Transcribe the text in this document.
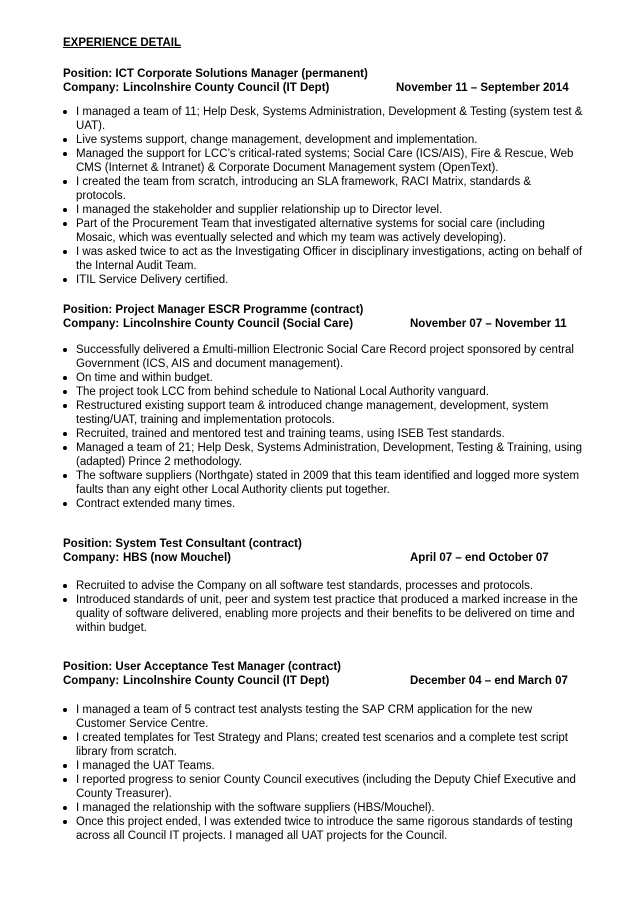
EXPERIENCE DETAIL
Position: ICT Corporate Solutions Manager (permanent)
Company: Lincolnshire County Council (IT Dept)	November 11 – September 2014
I managed a team of 11; Help Desk, Systems Administration, Development & Testing (system test & UAT).
Live systems support, change management, development and implementation.
Managed the support for LCC’s critical-rated systems; Social Care (ICS/AIS), Fire & Rescue, Web CMS (Internet & Intranet) & Corporate Document Management system (OpenText).
I created the team from scratch, introducing an SLA framework, RACI Matrix, standards & protocols.
I managed the stakeholder and supplier relationship up to Director level.
Part of the Procurement Team that investigated alternative systems for social care (including Mosaic, which was eventually selected and which my team was actively developing).
I was asked twice to act as the Investigating Officer in disciplinary investigations, acting on behalf of the Internal Audit Team.
ITIL Service Delivery certified.
Position: Project Manager ESCR Programme (contract)
Company: Lincolnshire County Council (Social Care)	November 07 – November 11
Successfully delivered a £multi-million Electronic Social Care Record project sponsored by central Government (ICS, AIS and document management).
On time and within budget.
The project took LCC from behind schedule to National Local Authority vanguard.
Restructured existing support team & introduced change management, development, system testing/UAT, training and implementation protocols.
Recruited, trained and mentored test and training teams, using ISEB Test standards.
Managed a team of 21; Help Desk, Systems Administration, Development, Testing & Training, using (adapted) Prince 2 methodology.
The software suppliers (Northgate) stated in 2009 that this team identified and logged more system faults than any eight other Local Authority clients put together.
Contract extended many times.
Position: System Test Consultant (contract)
Company: HBS (now Mouchel)	April 07 – end October 07
Recruited to advise the Company on all software test standards, processes and protocols.
Introduced standards of unit, peer and system test practice that produced a marked increase in the quality of software delivered, enabling more projects and their benefits to be delivered on time and within budget.
Position: User Acceptance Test Manager (contract)
Company: Lincolnshire County Council (IT Dept)	December 04 – end March 07
I managed a team of 5 contract test analysts testing the SAP CRM application for the new Customer Service Centre.
I created templates for Test Strategy and Plans; created test scenarios and a complete test script library from scratch.
I managed the UAT Teams.
I reported progress to senior County Council executives (including the Deputy Chief Executive and County Treasurer).
I managed the relationship with the software suppliers (HBS/Mouchel).
Once this project ended, I was extended twice to introduce the same rigorous standards of testing across all Council IT projects. I managed all UAT projects for the Council.
